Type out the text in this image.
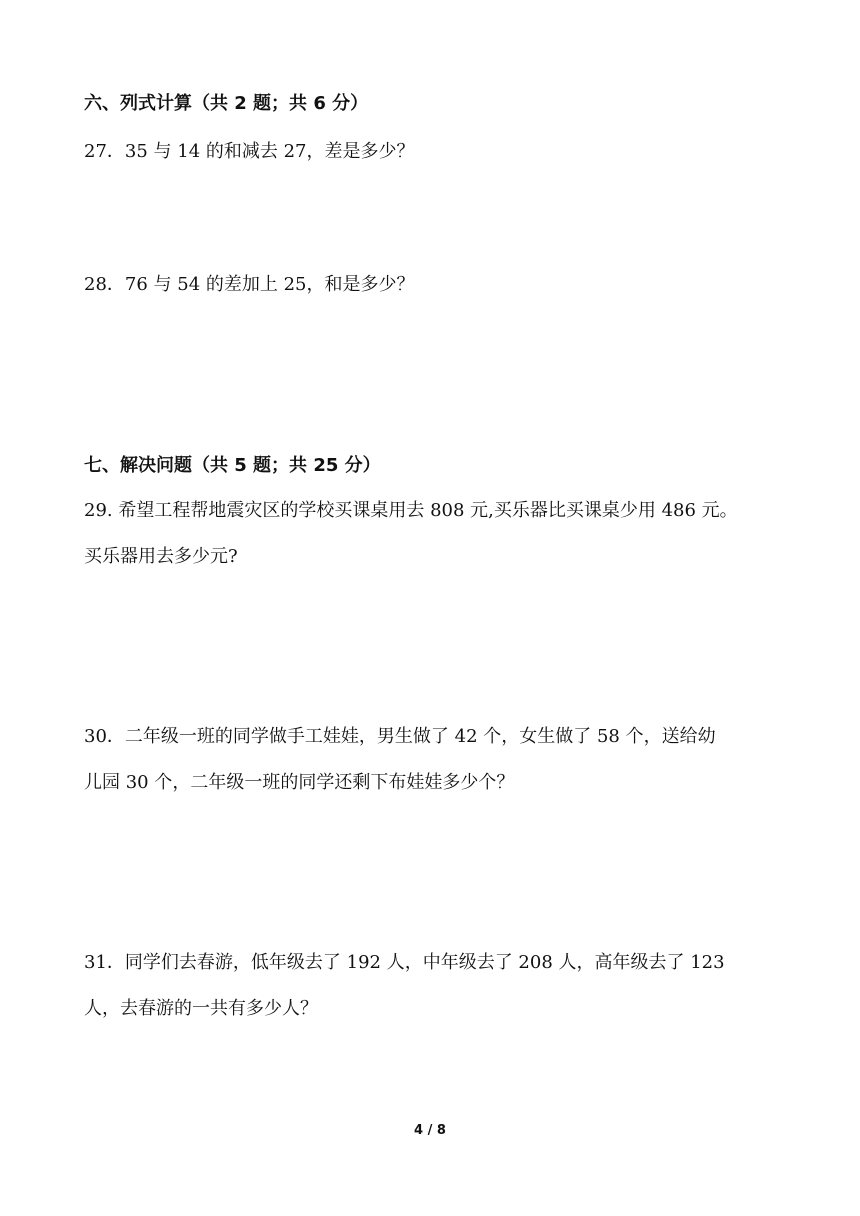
六、列式计算（共 2 题；共 6 分）
27．35 与 14 的和减去 27，差是多少？
28．76 与 54 的差加上 25，和是多少？
七、解决问题（共 5 题；共 25 分）
29. 希望工程帮地震灾区的学校买课桌用去 808 元,买乐器比买课桌少用 486 元。
买乐器用去多少元?
30．二年级一班的同学做手工娃娃，男生做了 42 个，女生做了 58 个，送给幼
儿园 30 个，二年级一班的同学还剩下布娃娃多少个？
31．同学们去春游，低年级去了 192 人，中年级去了 208 人，高年级去了 123
人，去春游的一共有多少人？
4 / 8
